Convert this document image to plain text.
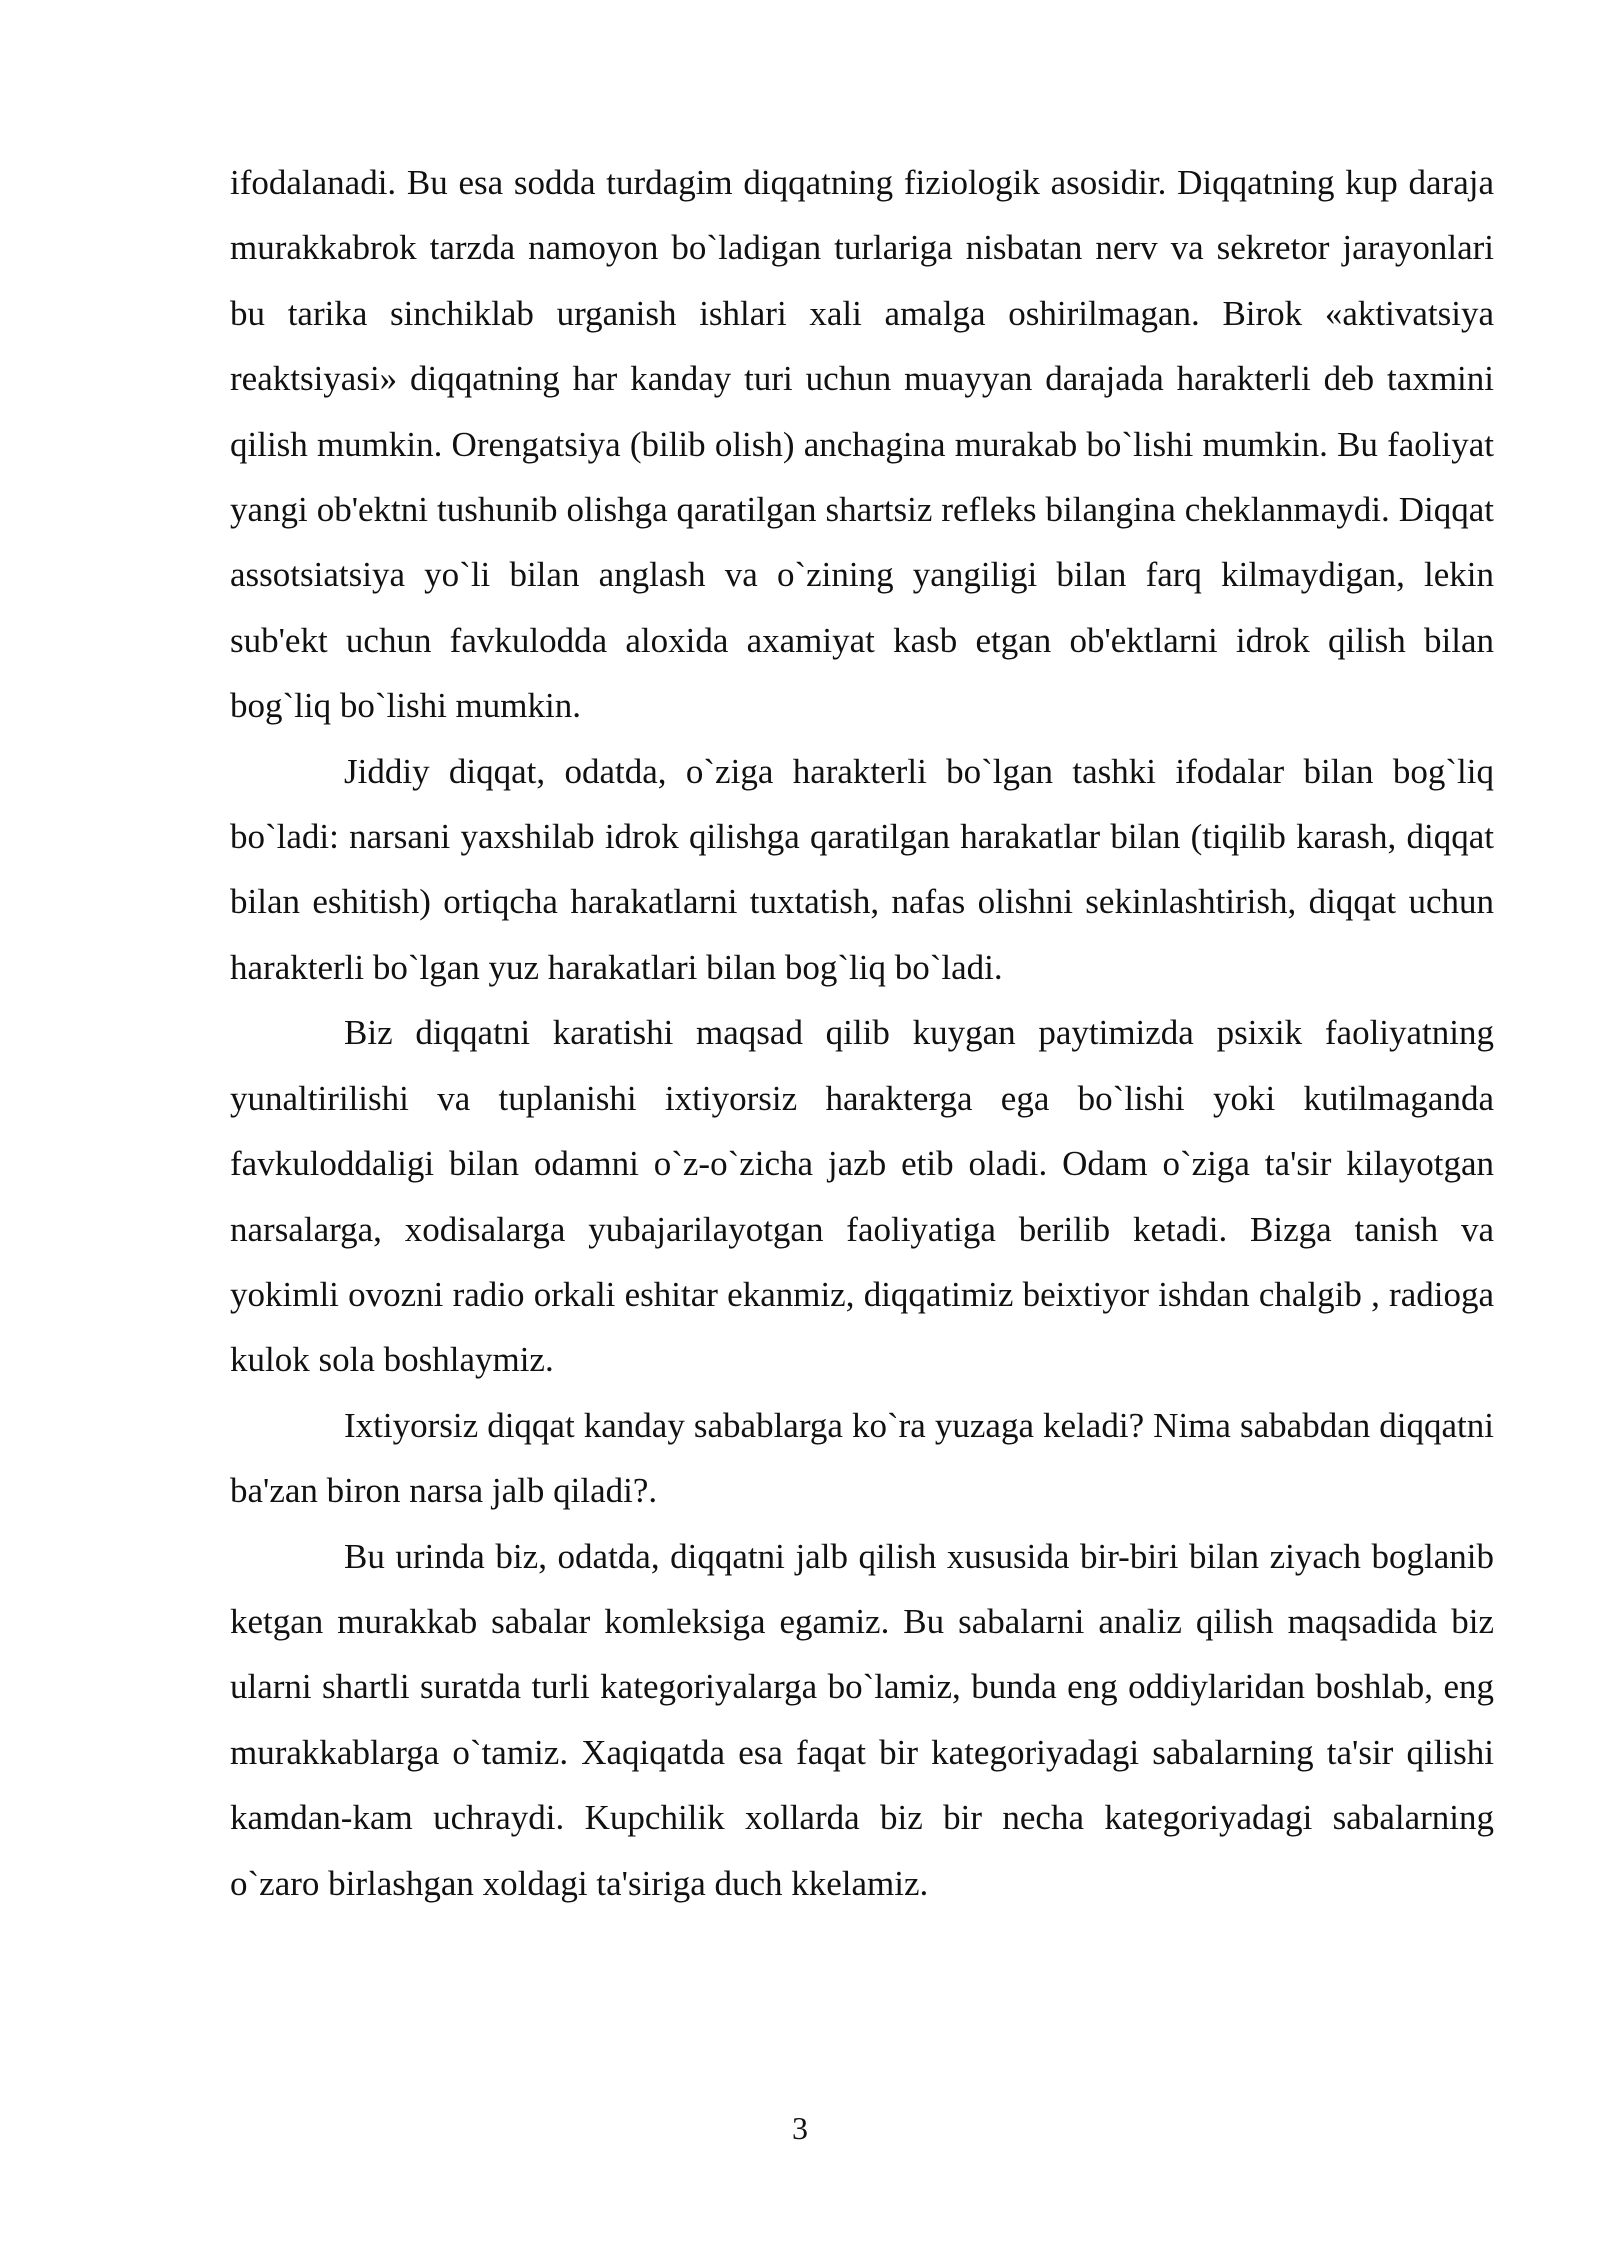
ifodalanadi. Bu esa sodda turdagim diqqatning fiziologik asosidir. Diqqatning kup daraja murakkabrok tarzda namoyon bo`ladigan turlariga nisbatan nerv va sekretor jarayonlari bu tarika sinchiklab urganish ishlari xali amalga oshirilmagan. Birok «aktivatsiya reaktsiyasi» diqqatning har kanday turi uchun muayyan darajada harakterli deb taxmini qilish mumkin. Orengatsiya (bilib olish) anchagina murakab bo`lishi mumkin. Bu faoliyat yangi ob'ektni tushunib olishga qaratilgan shartsiz refleks bilangina cheklanmaydi. Diqqat assotsiatsiya yo`li bilan anglash va o`zining yangiligi bilan farq kilmaydigan, lekin sub'ekt uchun favkulodda aloxida axamiyat kasb etgan ob'ektlarni idrok qilish bilan bog`liq bo`lishi mumkin.

Jiddiy diqqat, odatda, o`ziga harakterli bo`lgan tashki ifodalar bilan bog`liq bo`ladi: narsani yaxshilab idrok qilishga qaratilgan harakatlar bilan (tiqilib karash, diqqat bilan eshitish) ortiqcha harakatlarni tuxtatish, nafas olishni sekinlashtirish, diqqat uchun harakterli bo`lgan yuz harakatlari bilan bog`liq bo`ladi.

Biz diqqatni karatishi maqsad qilib kuygan paytimizda psixik faoliyatning yunaltirilishi va tuplanishi ixtiyorsiz harakterga ega bo`lishi yoki kutilmaganda favkuloddaligi bilan odamni o`z-o`zicha jazb etib oladi. Odam o`ziga ta'sir kilayotgan narsalarga, xodisalarga yubajarilayotgan faoliyatiga berilib ketadi. Bizga tanish va yokimli ovozni radio orkali eshitar ekanmiz, diqqatimiz beixtiyor ishdan chalgib , radioga kulok sola boshlaymiz.

Ixtiyorsiz diqqat kanday sabablarga ko`ra yuzaga keladi? Nima sababdan diqqatni ba'zan biron narsa jalb qiladi?.

Bu urinda biz, odatda, diqqatni jalb qilish xususida bir-biri bilan ziyach boglanib ketgan murakkab sabalar komleksiga egamiz. Bu sabalarni analiz qilish maqsadida biz ularni shartli suratda turli kategoriyalarga bo`lamiz, bunda eng oddiylaridan boshlab, eng murakkablarga o`tamiz. Xaqiqatda esa faqat bir kategoriyadagi sabalarning ta'sir qilishi kamdan-kam uchraydi. Kupchilik xollarda biz bir necha kategoriyadagi sabalarning o`zaro birlashgan xoldagi ta'siriga duch kkelamiz.

3
